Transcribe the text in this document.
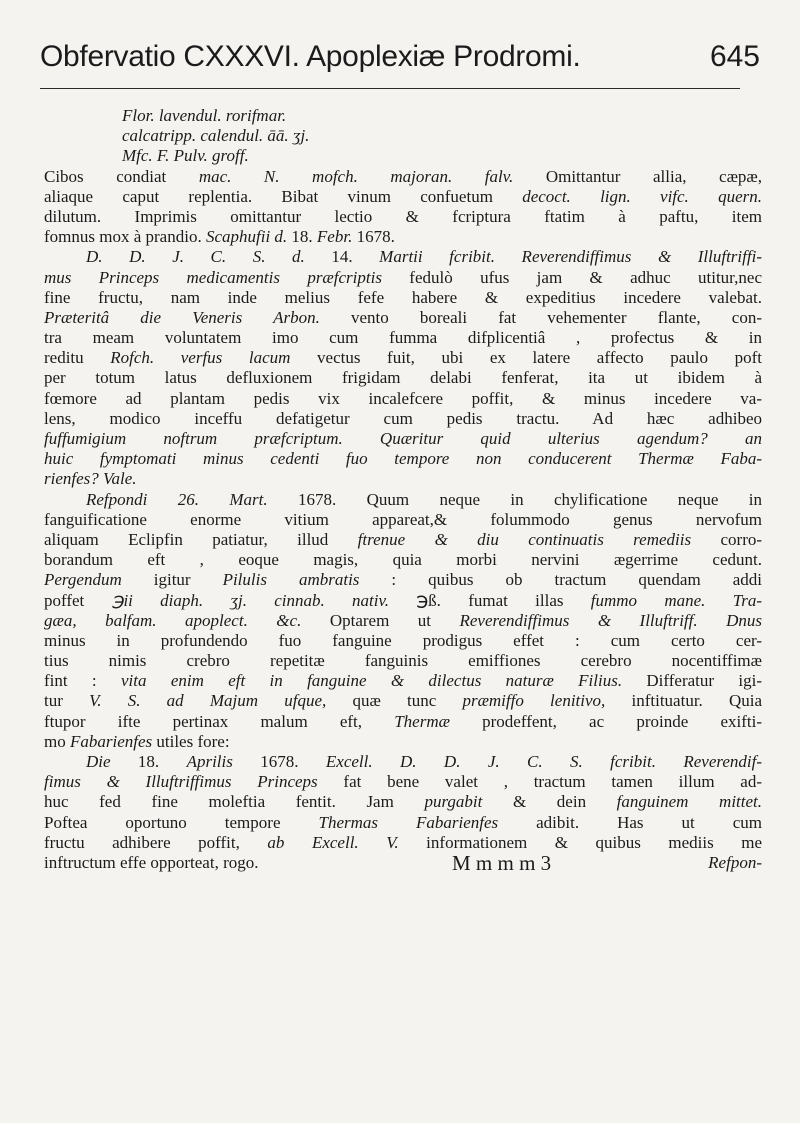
Obfervatio CXXXVI. Apoplexiæ Prodromi.	645
Flor. lavendul. rorifmar.
calcatripp. calendul. āā. ʒj.
M​fc. F. Pulv. groff.
Cibos condiat mac. N. mofch. majoran. falv. Omittantur allia, cæpæ,
aliaque caput replentia. Bibat vinum confuetum decoct. lign. vifc. quern.
dilutum. Imprimis omittantur lectio & fcriptura ftatim à paftu, item
fomnus mox à prandio. Scaphufii d. 18. Febr. 1678.
D. D. J. C. S. d. 14. Martii fcribit. Reverendiffimus & Illuftriffi-
mus Princeps medicamentis præfcriptis fedulò ufus jam & adhuc utitur,nec
fine fructu, nam inde melius fefe habere & expeditius incedere valebat.
Præteritâ die Veneris Arbon. vento boreali fat vehementer flante, con-
tra meam voluntatem imo cum fumma difplicentiâ , profectus & in
reditu Rofch. verfus lacum vectus fuit, ubi ex latere affecto paulo poft
per totum latus defluxionem frigidam delabi fenferat, ita ut ibidem à
fœmore ad plantam pedis vix incalefcere poffit, & minus incedere va-
lens, modico inceffu defatigetur cum pedis tractu. Ad hæc adhibeo
fuffumigium noftrum præfcriptum. Quæritur quid ulterius agendum? an
huic fymptomati minus cedenti fuo tempore non conducerent Thermæ Faba-
rienfes? Vale.
Refpondi 26. Mart. 1678. Quum neque in chylificatione neque in
fanguificatione enorme vitium appareat,& folummodo genus nervofum
aliquam Eclipfin patiatur, illud ftrenue & diu continuatis remediis corro-
borandum eft , eoque magis, quia morbi nervini ægerrime cedunt.
Pergendum igitur Pilulis ambratis : quibus ob tractum quendam addi
poffet ℈ii diaph. ʒj. cinnab. nativ. ℈ß. fumat illas fummo mane. Tra-
gæa, balfam. apoplect. &c. Optarem ut Reverendiffimus & Illuftriff. Dnus
minus in profundendo fuo fanguine prodigus effet : cum certo cer-
tius nimis crebro repetitæ fanguinis emiffiones cerebro nocentiffimæ
fint : vita enim eft in fanguine & dilectus naturæ Filius. Differatur igi-
tur V. S. ad Majum ufque, quæ tunc præmiffo lenitivo, inftituatur. Quia
ftupor ifte pertinax malum eft, Thermæ prodeffent, ac proinde exifti-
mo Fabarienfes utiles fore:
Die 18. Aprilis 1678. Excell. D. D. J. C. S. fcribit. Reverendif-
fimus & Illuftriffimus Princeps fat bene valet , tractum tamen illum ad-
huc fed fine moleftia fentit. Jam purgabit & dein fanguinem mittet.
Poftea oportuno tempore Thermas Fabarienfes adibit. Has ut cum
fructu adhibere poffit, ab Excell. V. informationem & quibus mediis me
inftructum effe opporteat, rogo.	M m m m 3	Refpon-
